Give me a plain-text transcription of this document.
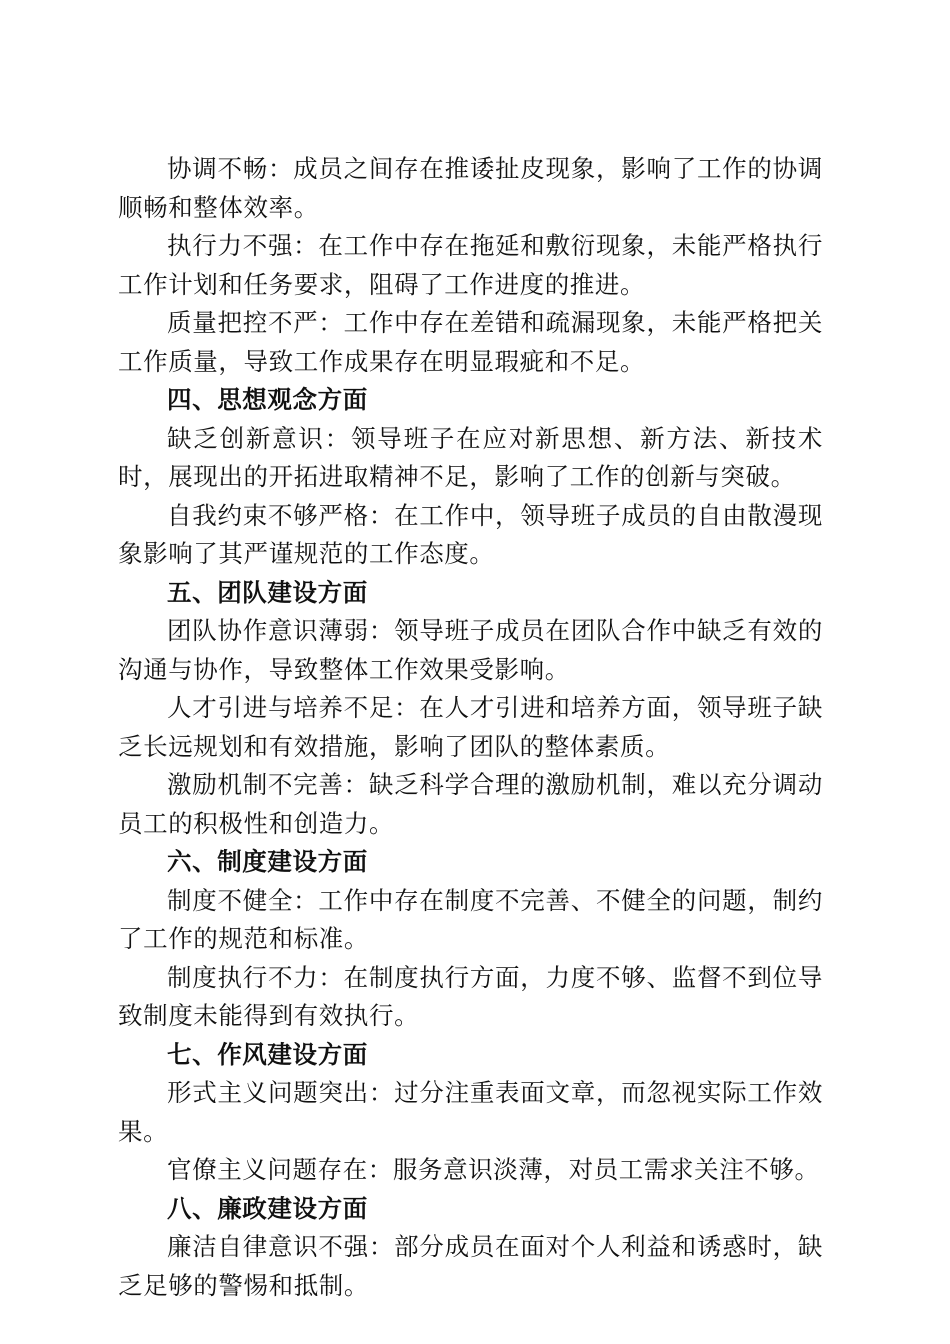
协调不畅：成员之间存在推诿扯皮现象，影响了工作的协调顺畅和整体效率。

执行力不强：在工作中存在拖延和敷衍现象，未能严格执行工作计划和任务要求，阻碍了工作进度的推进。

质量把控不严：工作中存在差错和疏漏现象，未能严格把关工作质量，导致工作成果存在明显瑕疵和不足。

四、思想观念方面

缺乏创新意识：领导班子在应对新思想、新方法、新技术时，展现出的开拓进取精神不足，影响了工作的创新与突破。

自我约束不够严格：在工作中，领导班子成员的自由散漫现象影响了其严谨规范的工作态度。

五、团队建设方面

团队协作意识薄弱：领导班子成员在团队合作中缺乏有效的沟通与协作，导致整体工作效果受影响。

人才引进与培养不足：在人才引进和培养方面，领导班子缺乏长远规划和有效措施，影响了团队的整体素质。

激励机制不完善：缺乏科学合理的激励机制，难以充分调动员工的积极性和创造力。

六、制度建设方面

制度不健全：工作中存在制度不完善、不健全的问题，制约了工作的规范和标准。

制度执行不力：在制度执行方面，力度不够、监督不到位导致制度未能得到有效执行。

七、作风建设方面

形式主义问题突出：过分注重表面文章，而忽视实际工作效果。

官僚主义问题存在：服务意识淡薄，对员工需求关注不够。

八、廉政建设方面

廉洁自律意识不强：部分成员在面对个人利益和诱惑时，缺乏足够的警惕和抵制。
